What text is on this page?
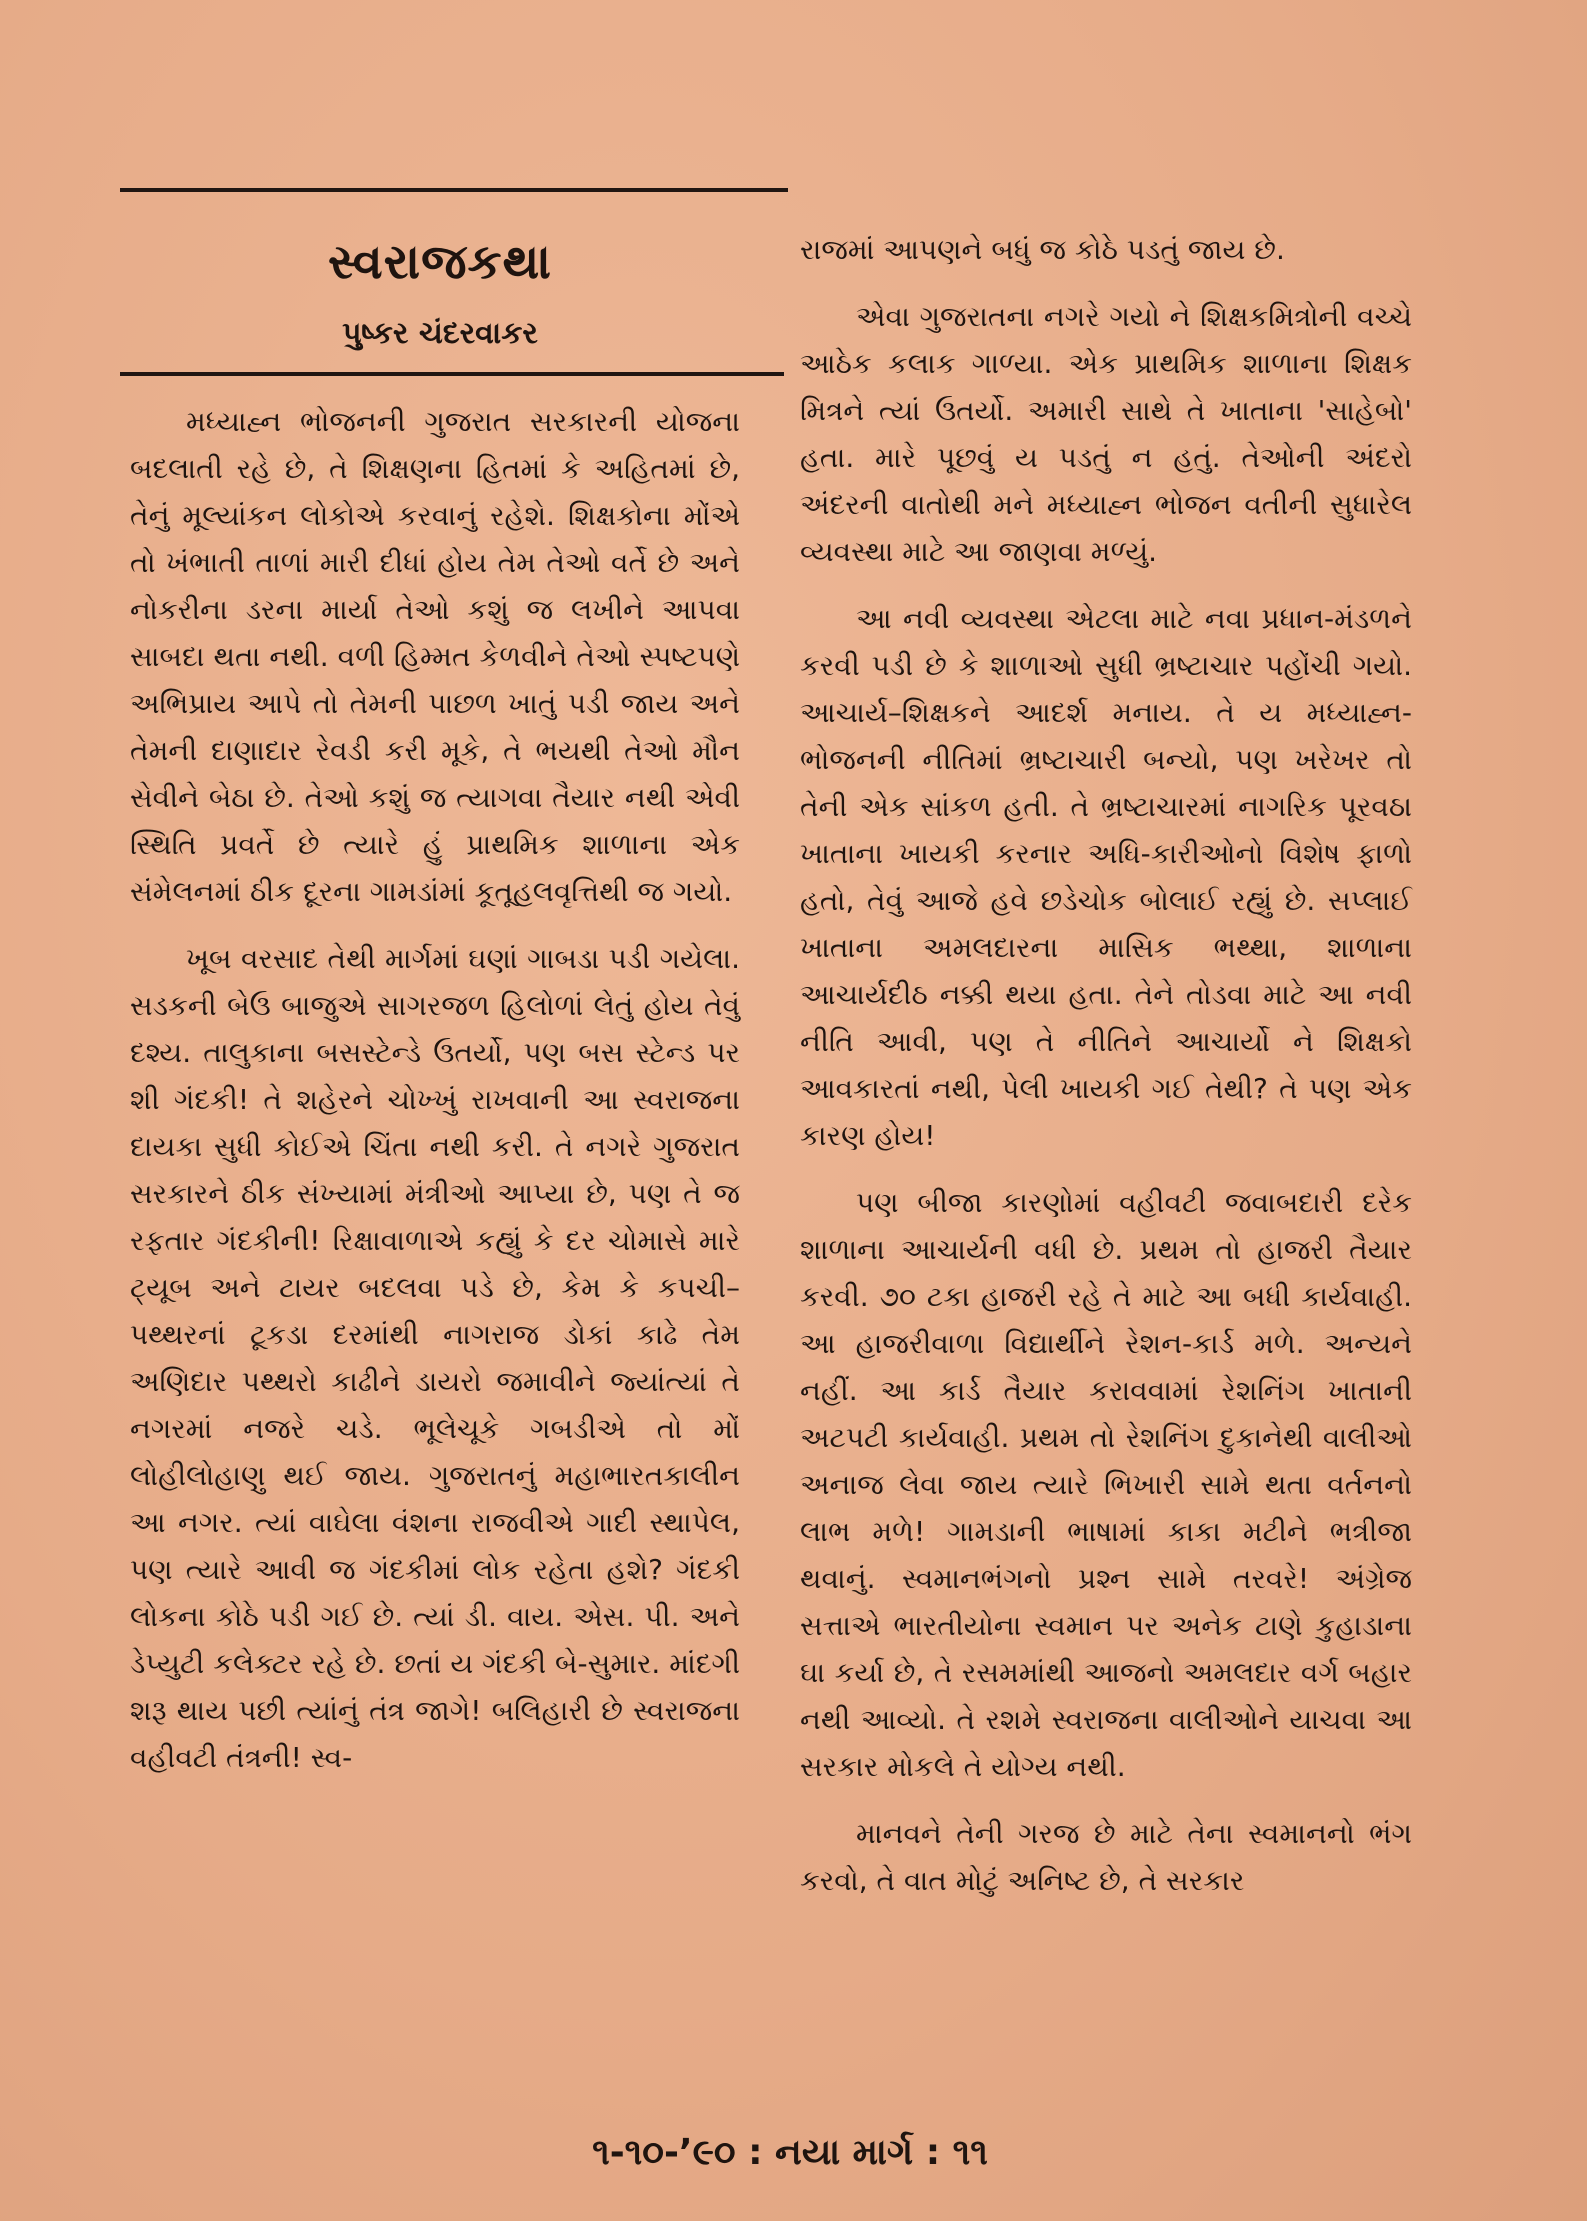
સ્વરાજકથા
પુષ્કર ચંદરવાકર

મધ્યાહ્ન ભોજનની ગુજરાત સરકારની યોજના બદલાતી રહે છે, તે શિક્ષણના હિતમાં કે અહિતમાં છે, તેનું મૂલ્યાંકન લોકોએ કરવાનું રહેશે. શિક્ષકોના મોંએ તો ખંભાતી તાળાં મારી દીધાં હોય તેમ તેઓ વર્તે છે અને નોકરીના ડરના માર્યા તેઓ કશું જ લખીને આપવા સાબદા થતા નથી. વળી હિમ્મત કેળવીને તેઓ સ્પષ્ટપણે અભિપ્રાય આપે તો તેમની પાછળ ખાતું પડી જાય અને તેમની દાણાદાર રેવડી કરી મૂકે, તે ભયથી તેઓ મૌન સેવીને બેઠા છે. તેઓ કશું જ ત્યાગવા તૈયાર નથી એવી સ્થિતિ પ્રવર્તે છે ત્યારે હું પ્રાથમિક શાળાના એક સંમેલનમાં ઠીક દૂરના ગામડાંમાં કૂતૂહલવૃત્તિથી જ ગયો.

ખૂબ વરસાદ તેથી માર્ગમાં ઘણાં ગાબડા પડી ગયેલા. સડકની બેઉ બાજુએ સાગરજળ હિલોળાં લેતું હોય તેવું દશ્ય. તાલુકાના બસસ્ટેન્ડે ઉતર્યો, પણ બસ સ્ટેન્ડ પર શી ગંદકી! તે શહેરને ચોખ્ખું રાખવાની આ સ્વરાજના દાયકા સુધી કોઈએ ચિંતા નથી કરી. તે નગરે ગુજરાત સરકારને ઠીક સંખ્યામાં મંત્રીઓ આપ્યા છે, પણ તે જ રફતાર ગંદકીની! રિક્ષાવાળાએ કહ્યું કે દર ચોમાસે મારે ટ્યૂબ અને ટાયર બદલવા પડે છે, કેમ કે કપચી–પથ્થરનાં ટૂકડા દરમાંથી નાગરાજ ડોકાં કાઢે તેમ અણિદાર પથ્થરો કાઢીને ડાયરો જમાવીને જ્યાંત્યાં તે નગરમાં નજરે ચડે. ભૂલેચૂકે ગબડીએ તો મોં લોહીલોહાણુ થઈ જાય. ગુજરાતનું મહાભારતકાલીન આ નગર. ત્યાં વાઘેલા વંશના રાજવીએ ગાદી સ્થાપેલ, પણ ત્યારે આવી જ ગંદકીમાં લોક રહેતા હશે? ગંદકી લોકના કોઠે પડી ગઈ છે. ત્યાં ડી. વાય. એસ. પી. અને ડેપ્યુટી કલેક્ટર રહે છે. છતાં ય ગંદકી બે-સુમાર. માંદગી શરૂ થાય પછી ત્યાંનું તંત્ર જાગે! બલિહારી છે સ્વરાજના વહીવટી તંત્રની! સ્વ-

રાજમાં આપણને બધું જ કોઠે પડતું જાય છે.

એવા ગુજરાતના નગરે ગયો ને શિક્ષકમિત્રોની વચ્ચે આઠેક કલાક ગાળ્યા. એક પ્રાથમિક શાળાના શિક્ષક મિત્રને ત્યાં ઉતર્યો. અમારી સાથે તે ખાતાના 'સાહેબો' હતા. મારે પૂછવું ય પડતું ન હતું. તેઓની અંદરો અંદરની વાતોથી મને મધ્યાહ્ન ભોજન વતીની સુધારેલ વ્યવસ્થા માટે આ જાણવા મળ્યું.

આ નવી વ્યવસ્થા એટલા માટે નવા પ્રધાન-મંડળને કરવી પડી છે કે શાળાઓ સુધી ભ્રષ્ટાચાર પહોંચી ગયો. આચાર્ય–શિક્ષકને આદર્શ મનાય. તે ય મધ્યાહ્ન-ભોજનની નીતિમાં ભ્રષ્ટાચારી બન્યો, પણ ખરેખર તો તેની એક સાંકળ હતી. તે ભ્રષ્ટાચારમાં નાગરિક પૂરવઠા ખાતાના ખાયકી કરનાર અધિ-કારીઓનો વિશેષ ફાળો હતો, તેવું આજે હવે છડેચોક બોલાઈ રહ્યું છે. સપ્લાઈ ખાતાના અમલદારના માસિક ભથ્થા, શાળાના આચાર્યદીઠ નક્કી થયા હતા. તેને તોડવા માટે આ નવી નીતિ આવી, પણ તે નીતિને આચાર્યો ને શિક્ષકો આવકારતાં નથી, પેલી ખાયકી ગઈ તેથી? તે પણ એક કારણ હોય!

પણ બીજા કારણોમાં વહીવટી જવાબદારી દરેક શાળાના આચાર્યની વધી છે. પ્રથમ તો હાજરી તૈયાર કરવી. ૭૦ ટકા હાજરી રહે તે માટે આ બધી કાર્યવાહી. આ હાજરીવાળા વિદ્યાર્થીને રેશન-કાર્ડ મળે. અન્યને નહીં. આ કાર્ડ તૈયાર કરાવવામાં રેશનિંગ ખાતાની અટપટી કાર્યવાહી. પ્રથમ તો રેશનિંગ દુકાનેથી વાલીઓ અનાજ લેવા જાય ત્યારે ભિખારી સામે થતા વર્તનનો લાભ મળે! ગામડાની ભાષામાં કાકા મટીને ભત્રીજા થવાનું. સ્વમાનભંગનો પ્રશ્ન સામે તરવરે! અંગ્રેજ સત્તાએ ભારતીયોના સ્વમાન પર અનેક ટાણે કુહાડાના ઘા કર્યા છે, તે રસમમાંથી આજનો અમલદાર વર્ગ બહાર નથી આવ્યો. તે રશમે સ્વરાજના વાલીઓને યાચવા આ સરકાર મોકલે તે યોગ્ય નથી.

માનવને તેની ગરજ છે માટે તેના સ્વમાનનો ભંગ કરવો, તે વાત મોટું અનિષ્ટ છે, તે સરકાર

૧-૧૦-’૯૦ : નયા માર્ગ : ૧૧
